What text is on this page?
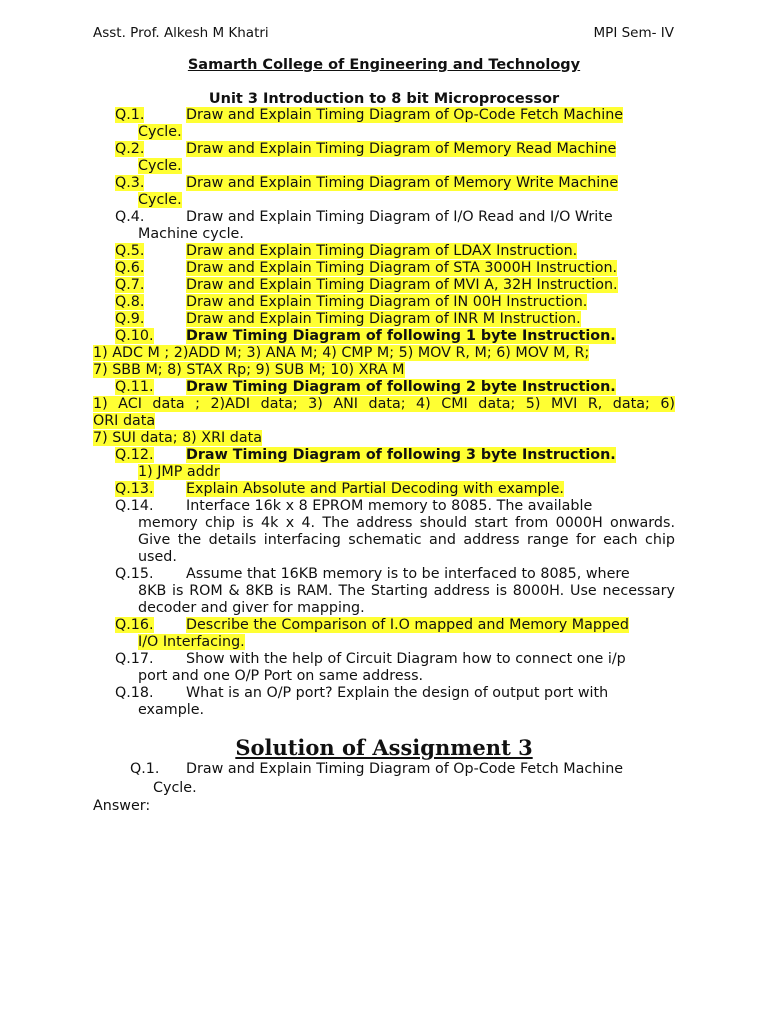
Asst. Prof. Alkesh M Khatri	MPI Sem- IV
Samarth College of Engineering and Technology
Unit 3 Introduction to 8 bit Microprocessor
Q.1.	Draw and Explain Timing Diagram of Op-Code Fetch Machine
Cycle.
Q.2.	Draw and Explain Timing Diagram of Memory Read Machine
Cycle.
Q.3.	Draw and Explain Timing Diagram of Memory Write Machine
Cycle.
Q.4.	Draw and Explain Timing Diagram of I/O Read and I/O Write
Machine cycle.
Q.5.	Draw and Explain Timing Diagram of LDAX Instruction.
Q.6.	Draw and Explain Timing Diagram of STA 3000H Instruction.
Q.7.	Draw and Explain Timing Diagram of MVI A, 32H Instruction.
Q.8.	Draw and Explain Timing Diagram of IN 00H Instruction.
Q.9.	Draw and Explain Timing Diagram of INR M Instruction.
Q.10.	Draw Timing Diagram of following 1 byte Instruction.
1) ADC M ; 2)ADD M; 3) ANA M; 4) CMP M; 5) MOV R, M; 6) MOV M, R;
7) SBB M; 8) STAX Rp; 9) SUB M; 10) XRA M
Q.11.	Draw Timing Diagram of following 2 byte Instruction.
1) ACI data ; 2)ADI data; 3) ANI data; 4) CMI data; 5) MVI R, data; 6)
ORI data
7) SUI data; 8) XRI data
Q.12.	Draw Timing Diagram of following 3 byte Instruction.
1) JMP addr
Q.13.	Explain Absolute and Partial Decoding with example.
Q.14.	Interface 16k x 8 EPROM memory to 8085. The available
memory chip is 4k x 4. The address should start from 0000H onwards. Give the details interfacing schematic and address range for each chip used.
Q.15.	Assume that 16KB memory is to be interfaced to 8085, where
8KB is ROM & 8KB is RAM. The Starting address is 8000H. Use necessary decoder and giver for mapping.
Q.16.	Describe the Comparison of I.O mapped and Memory Mapped
I/O Interfacing.
Q.17.	Show with the help of Circuit Diagram how to connect one i/p
port and one O/P Port on same address.
Q.18.	What is an O/P port? Explain the design of output port with
example.
Solution of Assignment 3
Q.1.	Draw and Explain Timing Diagram of Op-Code Fetch Machine
Cycle.
Answer:
